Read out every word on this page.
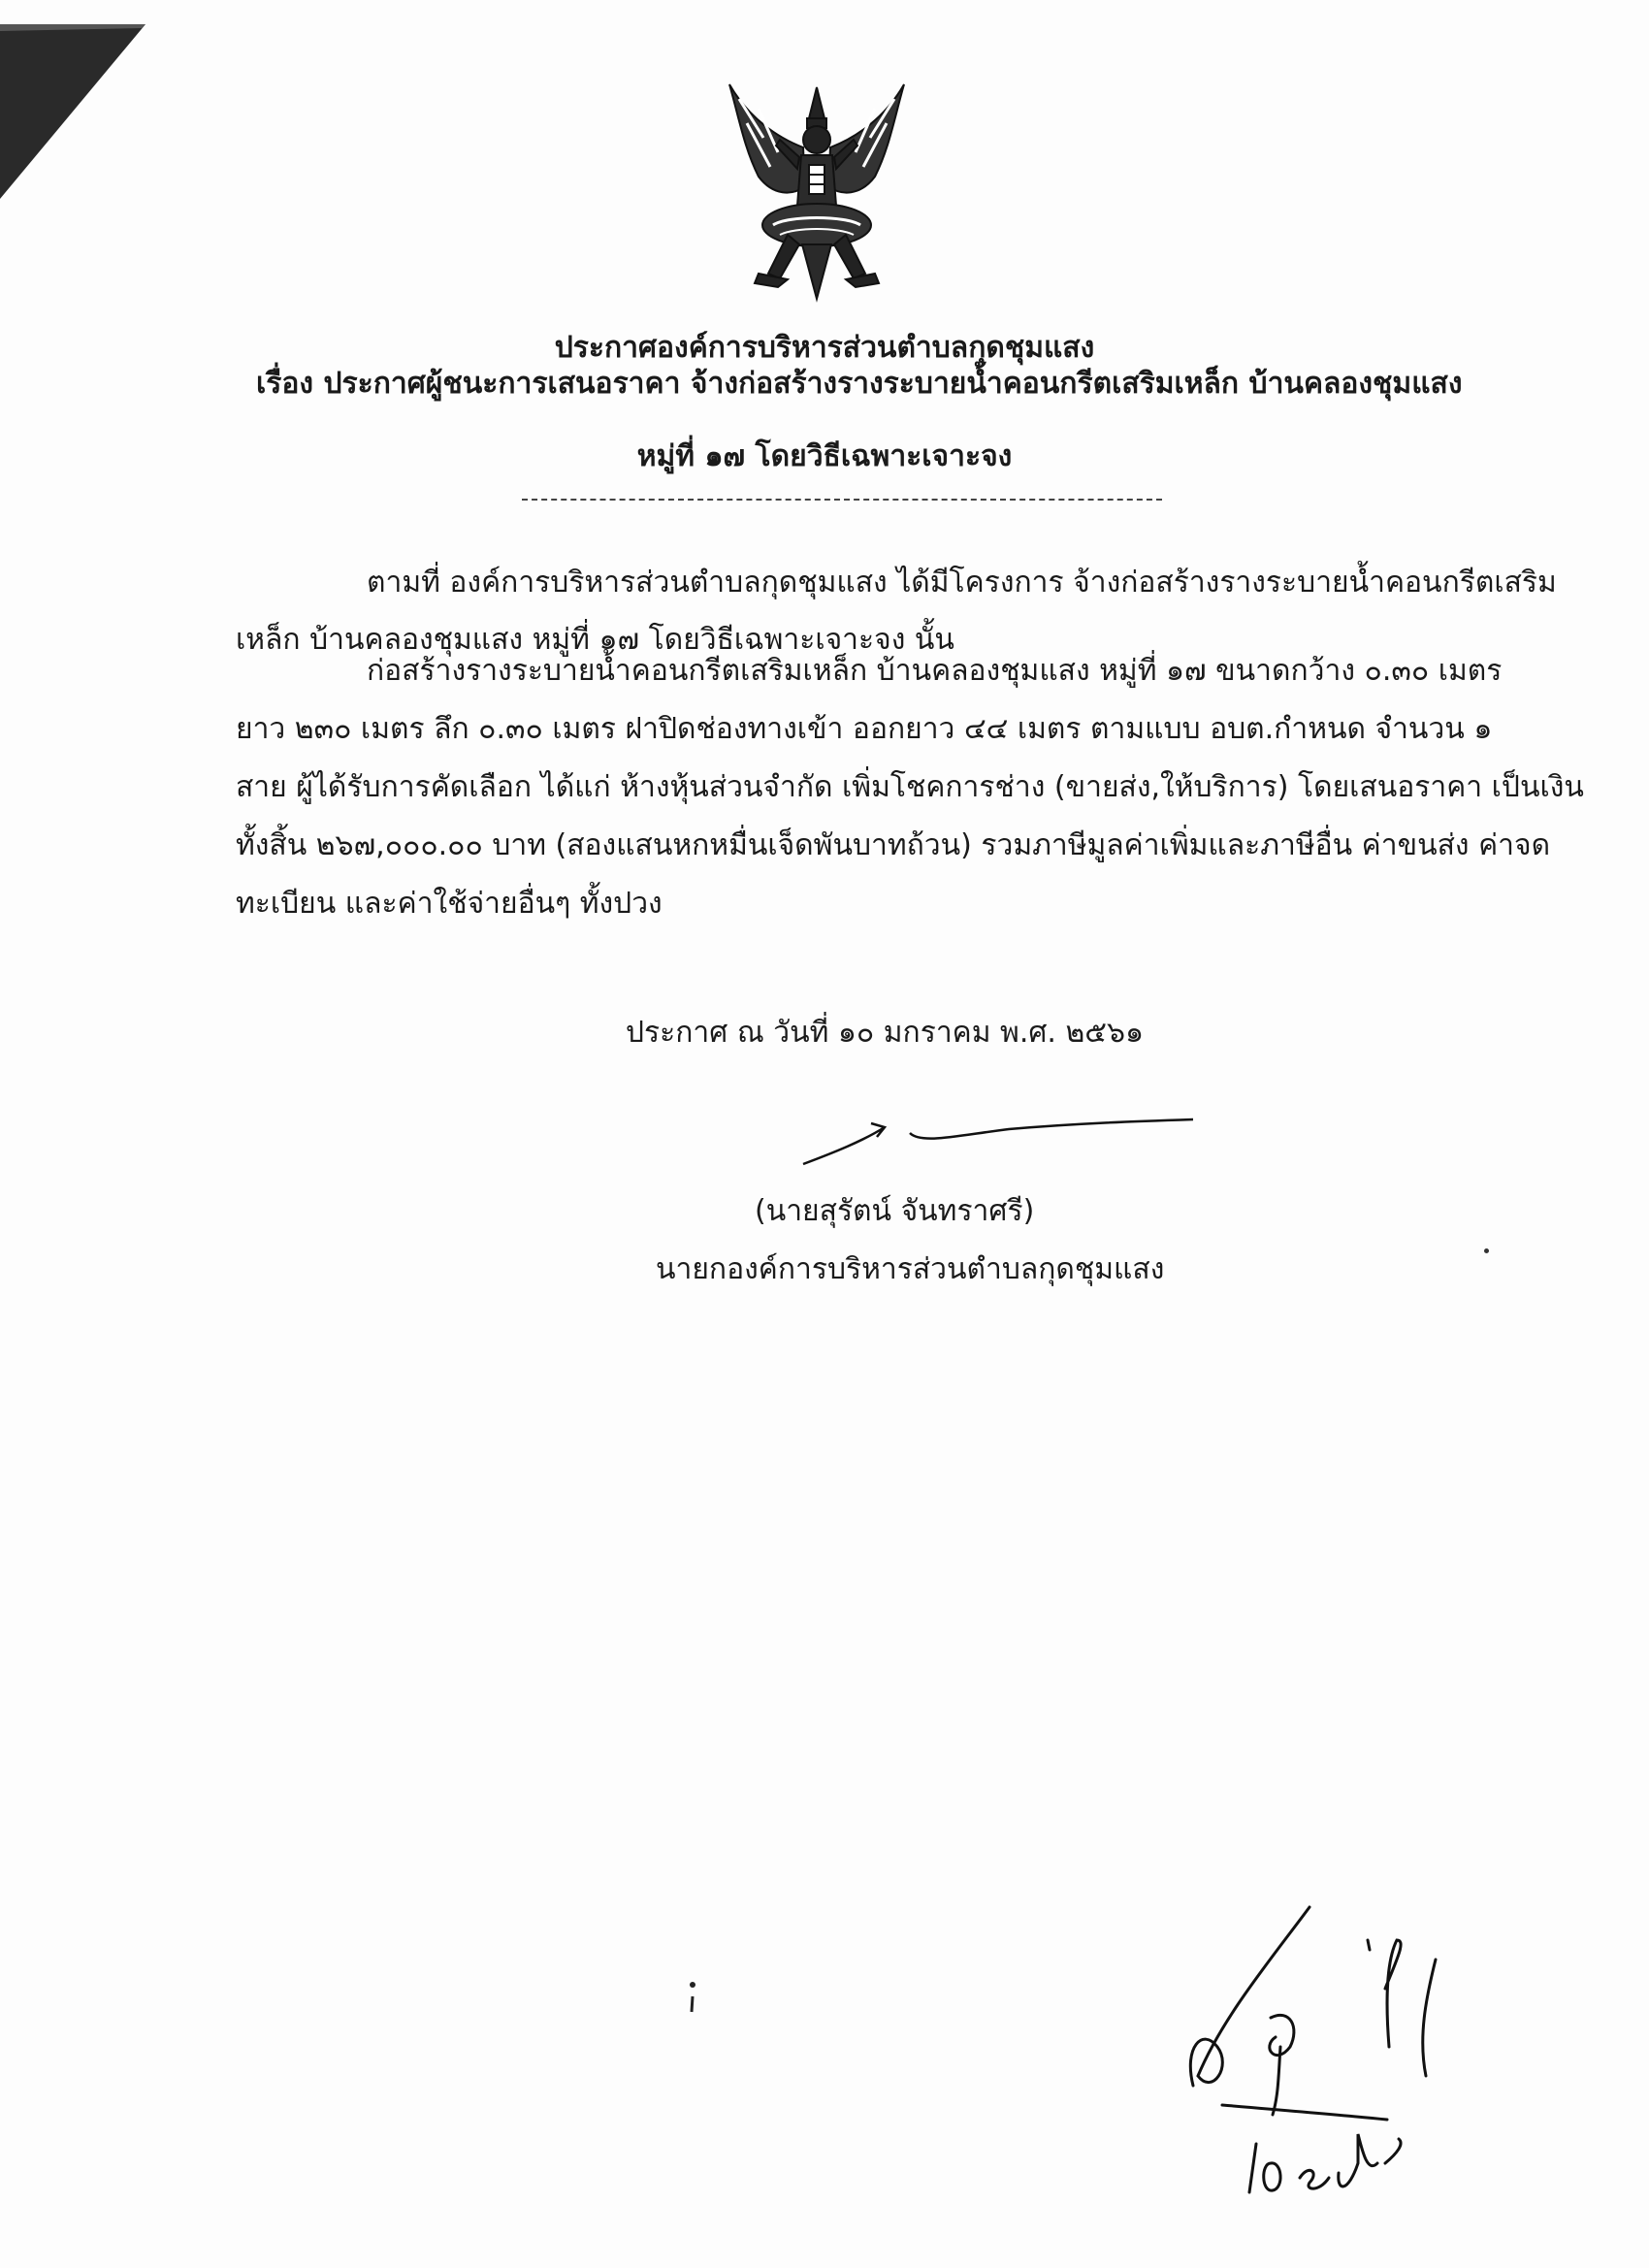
ประกาศองค์การบริหารส่วนตำบลกุดชุมแสง
เรื่อง ประกาศผู้ชนะการเสนอราคา จ้างก่อสร้างรางระบายน้ำคอนกรีตเสริมเหล็ก บ้านคลองชุมแสง
หมู่ที่ ๑๗ โดยวิธีเฉพาะเจาะจง
ตามที่ องค์การบริหารส่วนตำบลกุดชุมแสง ได้มีโครงการ จ้างก่อสร้างรางระบายน้ำคอนกรีตเสริม
เหล็ก บ้านคลองชุมแสง หมู่ที่ ๑๗ โดยวิธีเฉพาะเจาะจง นั้น
ก่อสร้างรางระบายน้ำคอนกรีตเสริมเหล็ก บ้านคลองชุมแสง หมู่ที่ ๑๗ ขนาดกว้าง ๐.๓๐ เมตร
ยาว ๒๓๐ เมตร ลึก ๐.๓๐ เมตร ฝาปิดช่องทางเข้า ออกยาว ๔๔ เมตร ตามแบบ อบต.กำหนด จำนวน ๑
สาย ผู้ได้รับการคัดเลือก ได้แก่ ห้างหุ้นส่วนจำกัด เพิ่มโชคการช่าง (ขายส่ง,ให้บริการ) โดยเสนอราคา เป็นเงิน
ทั้งสิ้น ๒๖๗,๐๐๐.๐๐ บาท (สองแสนหกหมื่นเจ็ดพันบาทถ้วน) รวมภาษีมูลค่าเพิ่มและภาษีอื่น ค่าขนส่ง ค่าจด
ทะเบียน และค่าใช้จ่ายอื่นๆ ทั้งปวง
ประกาศ ณ วันที่ ๑๐ มกราคม พ.ศ. ๒๕๖๑
(นายสุรัตน์ จันทราศรี)
นายกองค์การบริหารส่วนตำบลกุดชุมแสง
